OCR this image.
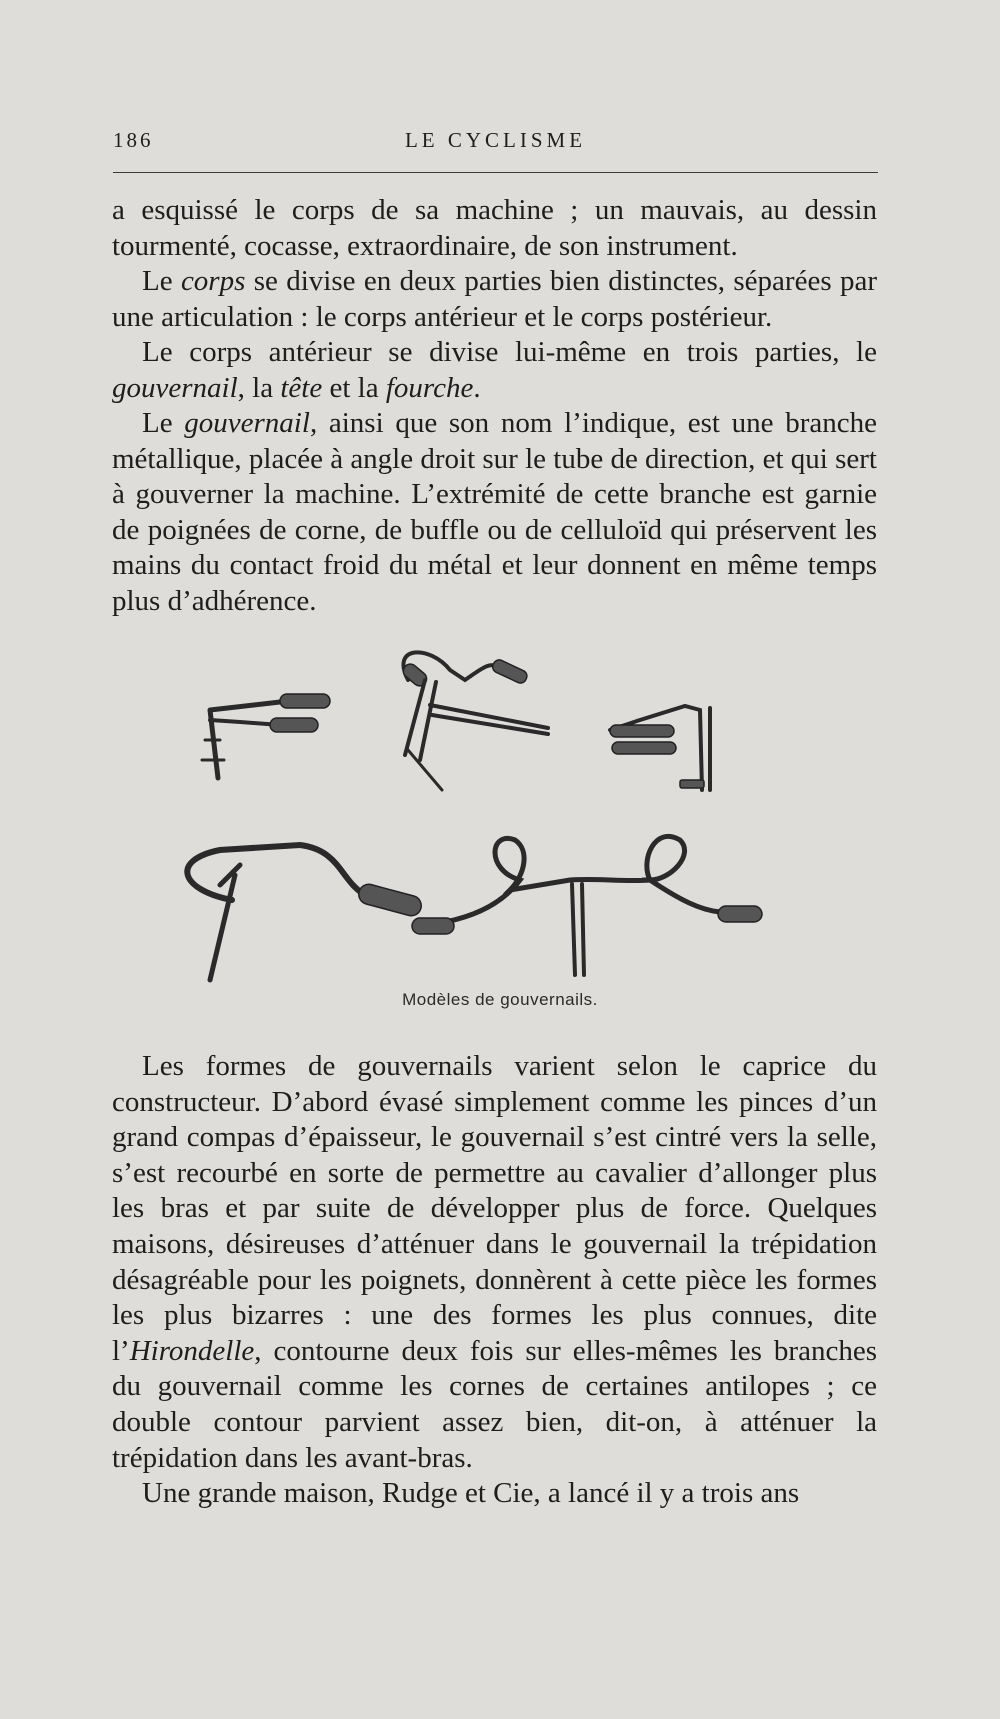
186	LE CYCLISME

a esquissé le corps de sa machine ; un mauvais, au dessin tourmenté, cocasse, extraordinaire, de son instrument.

Le corps se divise en deux parties bien distinctes, séparées par une articulation : le corps antérieur et le corps postérieur.

Le corps antérieur se divise lui-même en trois parties, le gouvernail, la tête et la fourche.

Le gouvernail, ainsi que son nom l’indique, est une branche métallique, placée à angle droit sur le tube de direction, et qui sert à gouverner la machine. L’extrémité de cette branche est garnie de poignées de corne, de buffle ou de celluloïd qui préservent les mains du contact froid du métal et leur donnent en même temps plus d’adhérence.

Modèles de gouvernails.

Les formes de gouvernails varient selon le caprice du constructeur. D’abord évasé simplement comme les pinces d’un grand compas d’épaisseur, le gouvernail s’est cintré vers la selle, s’est recourbé en sorte de permettre au cavalier d’allonger plus les bras et par suite de développer plus de force. Quelques maisons, désireuses d’atténuer dans le gouvernail la trépidation désagréable pour les poignets, donnèrent à cette pièce les formes les plus bizarres : une des formes les plus connues, dite l’Hirondelle, contourne deux fois sur elles-mêmes les branches du gouvernail comme les cornes de certaines antilopes ; ce double contour parvient assez bien, dit-on, à atténuer la trépidation dans les avant-bras.

Une grande maison, Rudge et Cie, a lancé il y a trois ans
